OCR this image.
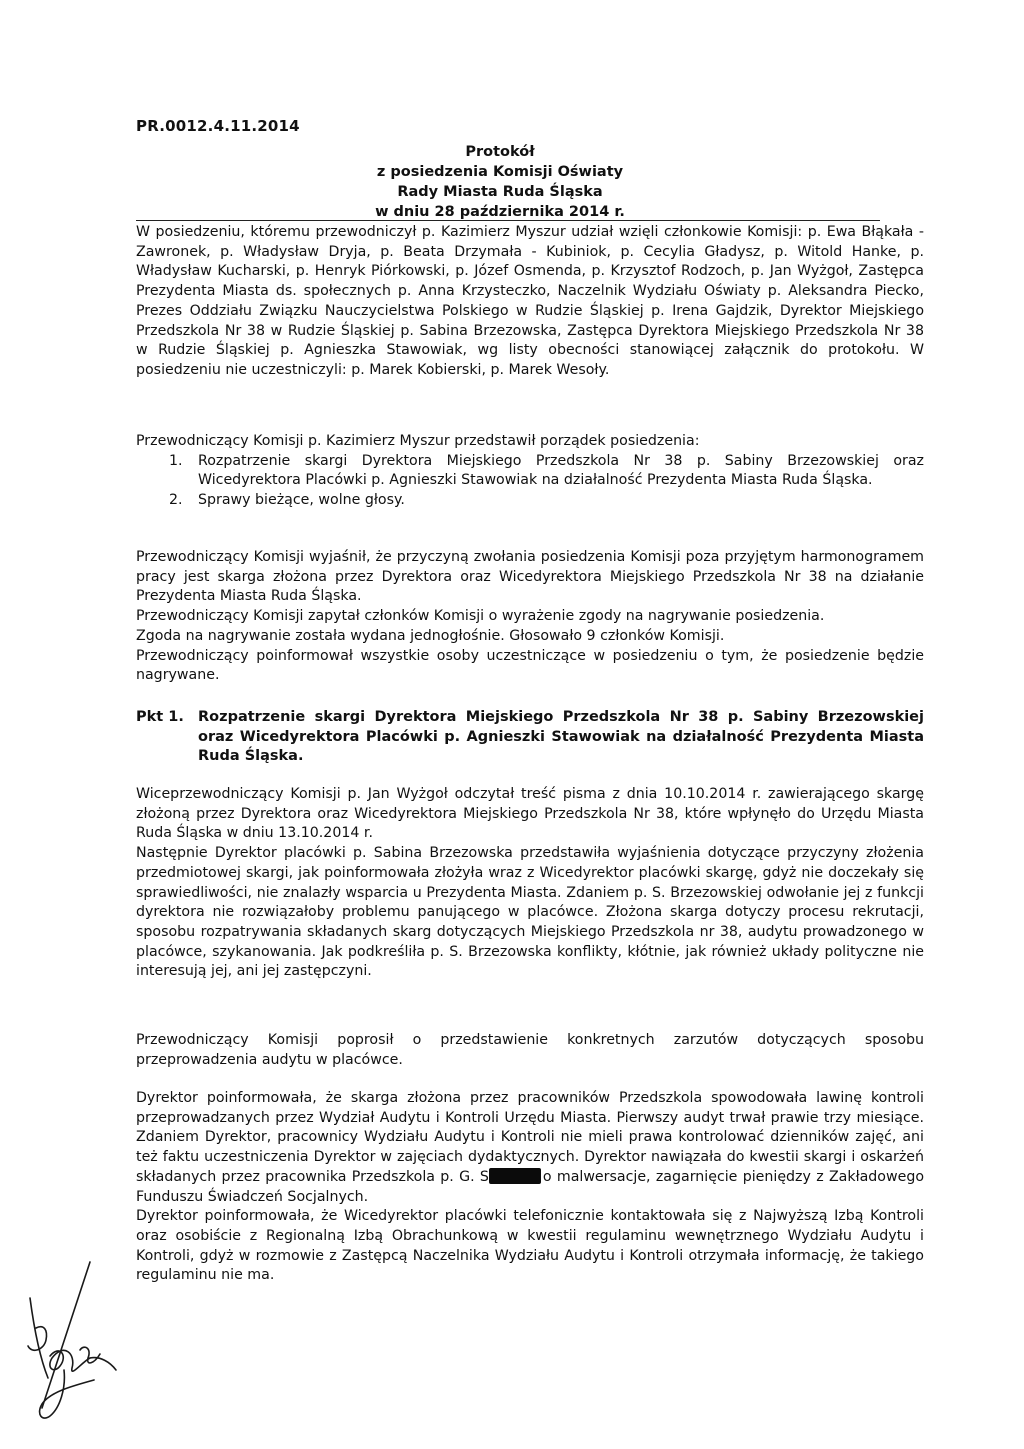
PR.0012.4.11.2014
Protokół
z posiedzenia Komisji Oświaty
Rady Miasta Ruda Śląska
w dniu 28 października 2014 r.

W posiedzeniu, któremu przewodniczył p. Kazimierz Myszur udział wzięli członkowie Komisji: p. Ewa Błąkała - Zawronek, p. Władysław Dryja, p. Beata Drzymała - Kubiniok, p. Cecylia Gładysz, p. Witold Hanke, p. Władysław Kucharski, p. Henryk Piórkowski, p. Józef Osmenda, p. Krzysztof Rodzoch, p. Jan Wyżgoł, Zastępca Prezydenta Miasta ds. społecznych p. Anna Krzysteczko, Naczelnik Wydziału Oświaty p. Aleksandra Piecko, Prezes Oddziału Związku Nauczycielstwa Polskiego w Rudzie Śląskiej p. Irena Gajdzik, Dyrektor Miejskiego Przedszkola Nr 38 w Rudzie Śląskiej p. Sabina Brzezowska, Zastępca Dyrektora Miejskiego Przedszkola Nr 38 w Rudzie Śląskiej p. Agnieszka Stawowiak, wg listy obecności stanowiącej załącznik do protokołu. W posiedzeniu nie uczestniczyli: p. Marek Kobierski, p. Marek Wesoły.

Przewodniczący Komisji p. Kazimierz Myszur przedstawił porządek posiedzenia:

1. Rozpatrzenie skargi Dyrektora Miejskiego Przedszkola Nr 38 p. Sabiny Brzezowskiej oraz Wicedyrektora Placówki p. Agnieszki Stawowiak na działalność Prezydenta Miasta Ruda Śląska.
2. Sprawy bieżące, wolne głosy.

Przewodniczący Komisji wyjaśnił, że przyczyną zwołania posiedzenia Komisji poza przyjętym harmonogramem pracy jest skarga złożona przez Dyrektora oraz Wicedyrektora Miejskiego Przedszkola Nr 38 na działanie Prezydenta Miasta Ruda Śląska.

Przewodniczący Komisji zapytał członków Komisji o wyrażenie zgody na nagrywanie posiedzenia.

Zgoda na nagrywanie została wydana jednogłośnie. Głosowało 9 członków Komisji.

Przewodniczący poinformował wszystkie osoby uczestniczące w posiedzeniu o tym, że posiedzenie będzie nagrywane.

Pkt 1. Rozpatrzenie skargi Dyrektora Miejskiego Przedszkola Nr 38 p. Sabiny Brzezowskiej oraz Wicedyrektora Placówki p. Agnieszki Stawowiak na działalność Prezydenta Miasta Ruda Śląska.

Wiceprzewodniczący Komisji p. Jan Wyżgoł odczytał treść pisma z dnia 10.10.2014 r. zawierającego skargę złożoną przez Dyrektora oraz Wicedyrektora Miejskiego Przedszkola Nr 38, które wpłynęło do Urzędu Miasta Ruda Śląska w dniu 13.10.2014 r.

Następnie Dyrektor placówki p. Sabina Brzezowska przedstawiła wyjaśnienia dotyczące przyczyny złożenia przedmiotowej skargi, jak poinformowała złożyła wraz z Wicedyrektor placówki skargę, gdyż nie doczekały się sprawiedliwości, nie znalazły wsparcia u Prezydenta Miasta. Zdaniem p. S. Brzezowskiej odwołanie jej z funkcji dyrektora nie rozwiązałoby problemu panującego w placówce. Złożona skarga dotyczy procesu rekrutacji, sposobu rozpatrywania składanych skarg dotyczących Miejskiego Przedszkola nr 38, audytu prowadzonego w placówce, szykanowania. Jak podkreśliła p. S. Brzezowska konflikty, kłótnie, jak również układy polityczne nie interesują jej, ani jej zastępczyni.

Przewodniczący Komisji poprosił o przedstawienie konkretnych zarzutów dotyczących sposobu przeprowadzenia audytu w placówce.

Dyrektor poinformowała, że skarga złożona przez pracowników Przedszkola spowodowała lawinę kontroli przeprowadzanych przez Wydział Audytu i Kontroli Urzędu Miasta. Pierwszy audyt trwał prawie trzy miesiące. Zdaniem Dyrektor, pracownicy Wydziału Audytu i Kontroli nie mieli prawa kontrolować dzienników zajęć, ani też faktu uczestniczenia Dyrektor w zajęciach dydaktycznych. Dyrektor nawiązała do kwestii skargi i oskarżeń składanych przez pracownika Przedszkola p. G. S	o malwersacje, zagarnięcie pieniędzy z Zakładowego Funduszu Świadczeń Socjalnych.

Dyrektor poinformowała, że Wicedyrektor placówki telefonicznie kontaktowała się z Najwyższą Izbą Kontroli oraz osobiście z Regionalną Izbą Obrachunkową w kwestii regulaminu wewnętrznego Wydziału Audytu i Kontroli, gdyż w rozmowie z Zastępcą Naczelnika Wydziału Audytu i Kontroli otrzymała informację, że takiego regulaminu nie ma.
